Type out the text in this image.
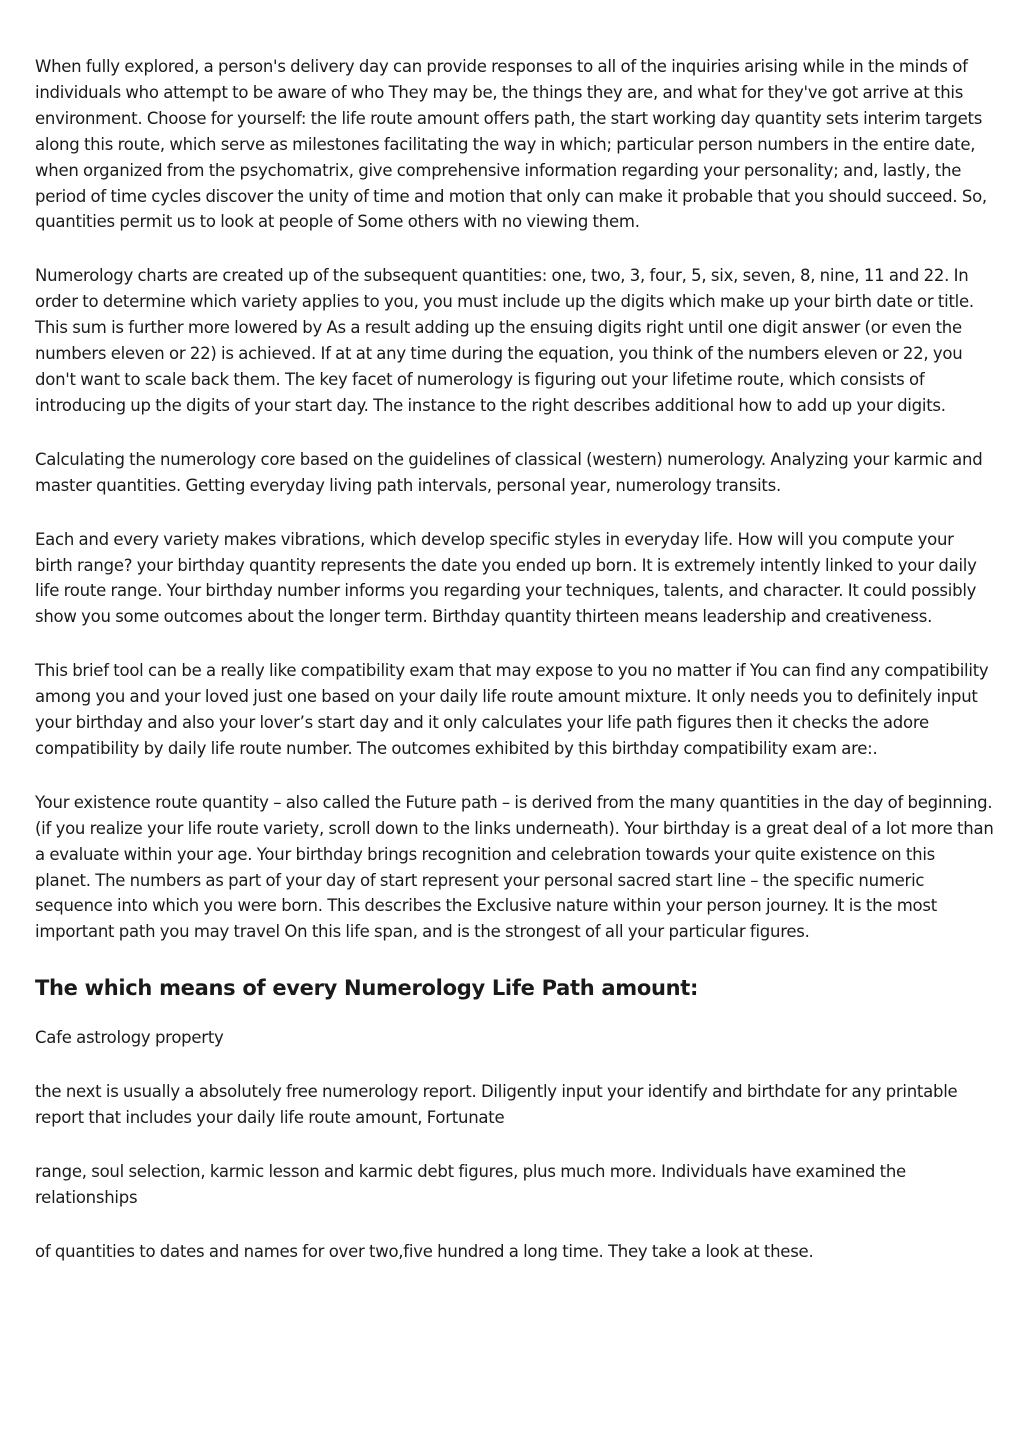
When fully explored, a person's delivery day can provide responses to all of the inquiries arising while in the minds of individuals who attempt to be aware of who They may be, the things they are, and what for they've got arrive at this environment. Choose for yourself: the life route amount offers path, the start working day quantity sets interim targets along this route, which serve as milestones facilitating the way in which; particular person numbers in the entire date, when organized from the psychomatrix, give comprehensive information regarding your personality; and, lastly, the period of time cycles discover the unity of time and motion that only can make it probable that you should succeed. So, quantities permit us to look at people of Some others with no viewing them.

Numerology charts are created up of the subsequent quantities: one, two, 3, four, 5, six, seven, 8, nine, 11 and 22. In order to determine which variety applies to you, you must include up the digits which make up your birth date or title. This sum is further more lowered by As a result adding up the ensuing digits right until one digit answer (or even the numbers eleven or 22) is achieved. If at at any time during the equation, you think of the numbers eleven or 22, you don't want to scale back them. The key facet of numerology is figuring out your lifetime route, which consists of introducing up the digits of your start day. The instance to the right describes additional how to add up your digits.

Calculating the numerology core based on the guidelines of classical (western) numerology. Analyzing your karmic and master quantities. Getting everyday living path intervals, personal year, numerology transits.

Each and every variety makes vibrations, which develop specific styles in everyday life. How will you compute your birth range? your birthday quantity represents the date you ended up born. It is extremely intently linked to your daily life route range. Your birthday number informs you regarding your techniques, talents, and character. It could possibly show you some outcomes about the longer term. Birthday quantity thirteen means leadership and creativeness.

This brief tool can be a really like compatibility exam that may expose to you no matter if You can find any compatibility among you and your loved just one based on your daily life route amount mixture. It only needs you to definitely input your birthday and also your lover’s start day and it only calculates your life path figures then it checks the adore compatibility by daily life route number. The outcomes exhibited by this birthday compatibility exam are:.

Your existence route quantity – also called the Future path – is derived from the many quantities in the day of beginning. (if you realize your life route variety, scroll down to the links underneath). Your birthday is a great deal of a lot more than a evaluate within your age. Your birthday brings recognition and celebration towards your quite existence on this planet. The numbers as part of your day of start represent your personal sacred start line – the specific numeric sequence into which you were born. This describes the Exclusive nature within your person journey. It is the most important path you may travel On this life span, and is the strongest of all your particular figures.

The which means of every Numerology Life Path amount:

Cafe astrology property

the next is usually a absolutely free numerology report. Diligently input your identify and birthdate for any printable report that includes your daily life route amount, Fortunate

range, soul selection, karmic lesson and karmic debt figures, plus much more. Individuals have examined the relationships

of quantities to dates and names for over two,five hundred a long time. They take a look at these.
